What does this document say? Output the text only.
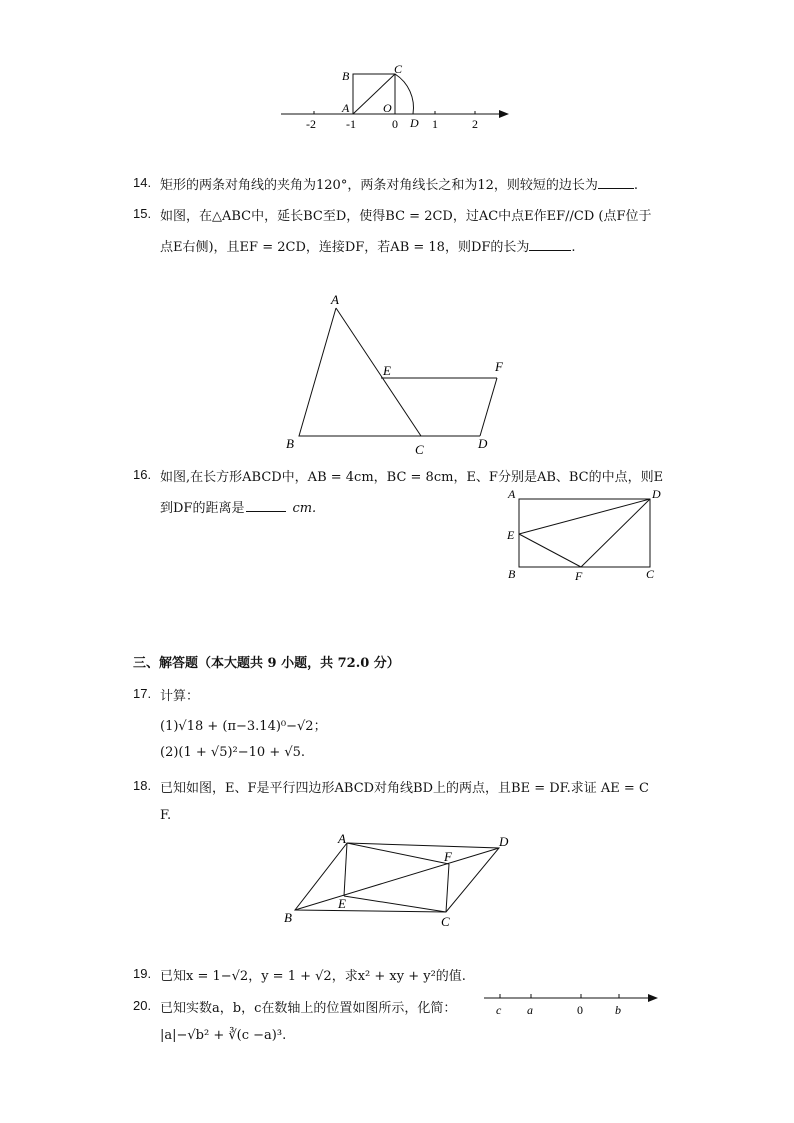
B	C
A	O
D
-2	-1	0	1	2
14. 矩形的两条对角线的夹角为120°，两条对角线长之和为12，则较短的边长为	.
15. 如图，在△ABC中，延长BC至D，使得BC = 2CD，过AC中点E作EF//CD (点F位于
点E右侧)，且EF = 2CD，连接DF，若AB = 18，则DF的长为	.
A
B	C	D
E	F
16. 如图,在长方形ABCD中，AB = 4cm，BC = 8cm，E、F分别是AB、BC的中点，则E
到DF的距离是	cm.
A	D
E
B	F	C
三、解答题（本大题共 9 小题，共 72.0 分）
17. 计算：
(1)√18 + (π−3.14)⁰−√2；
(2)(1 + √5)²−10 + √5.
18. 已知如图，E、F是平行四边形ABCD对角线BD上的两点，且BE = DF.求证 AE = C
F.
A	D
F
E
B	C
19. 已知x = 1−√2，y = 1 + √2，求x² + xy + y²的值.
20. 已知实数a，b，c在数轴上的位置如图所示，化简：
|a|−√b² + ∛(c −a)³.
c a	0	b
